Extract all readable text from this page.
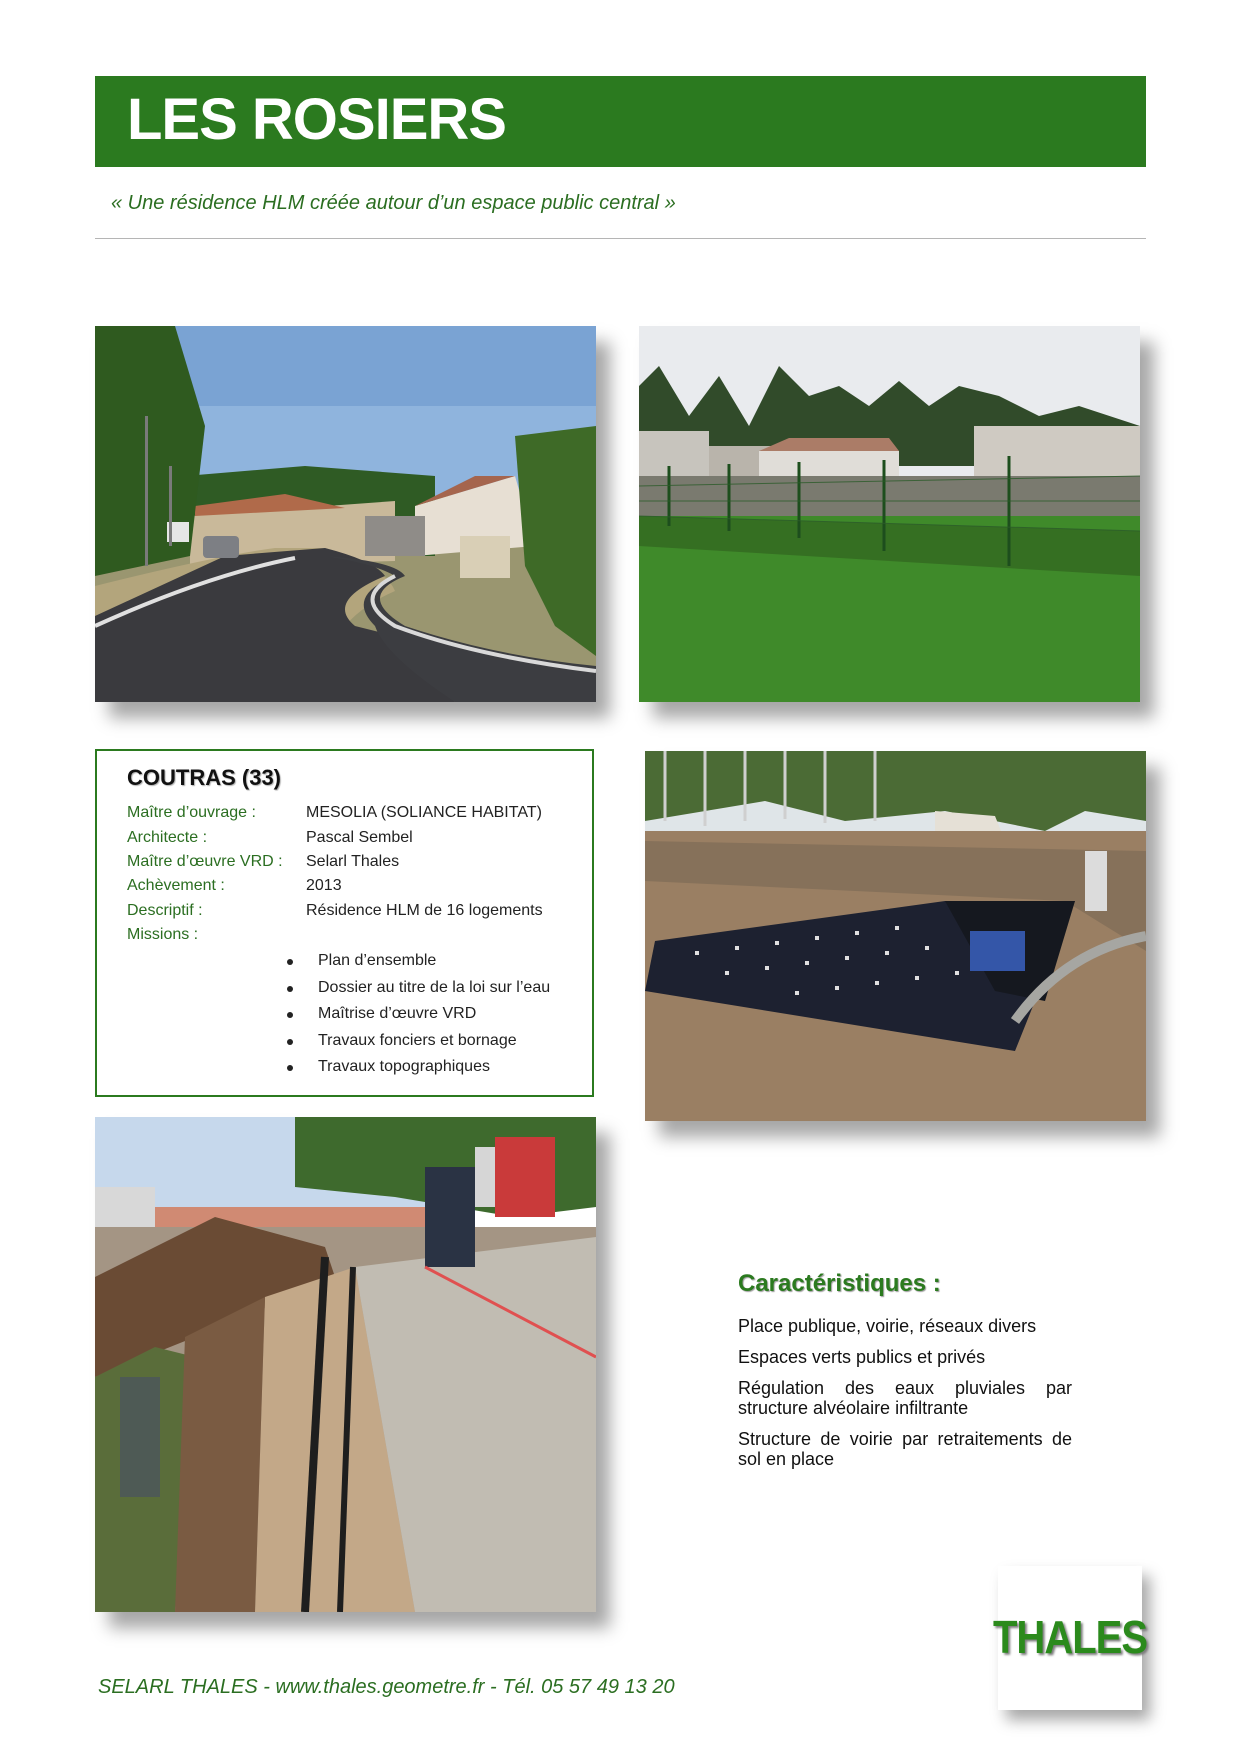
LES ROSIERS
« Une résidence HLM créée autour d’un espace public central »
COUTRAS (33)
Maître d’ouvrage :	MESOLIA (SOLIANCE HABITAT)
Architecte :	Pascal Sembel
Maître d’œuvre VRD : Selarl Thales
Achèvement :	2013
Descriptif :	Résidence HLM de 16 logements
Missions :
Plan d’ensemble
Dossier au titre de la loi sur l’eau
Maîtrise d’œuvre VRD
Travaux fonciers et bornage
Travaux topographiques
Caractéristiques :
Place publique, voirie, réseaux divers
Espaces verts publics et privés
Régulation des eaux pluviales par structure alvéolaire infiltrante
Structure de voirie par retraitements de sol en place
THALES
SELARL THALES - www.thales.geometre.fr - Tél. 05 57 49 13 20
